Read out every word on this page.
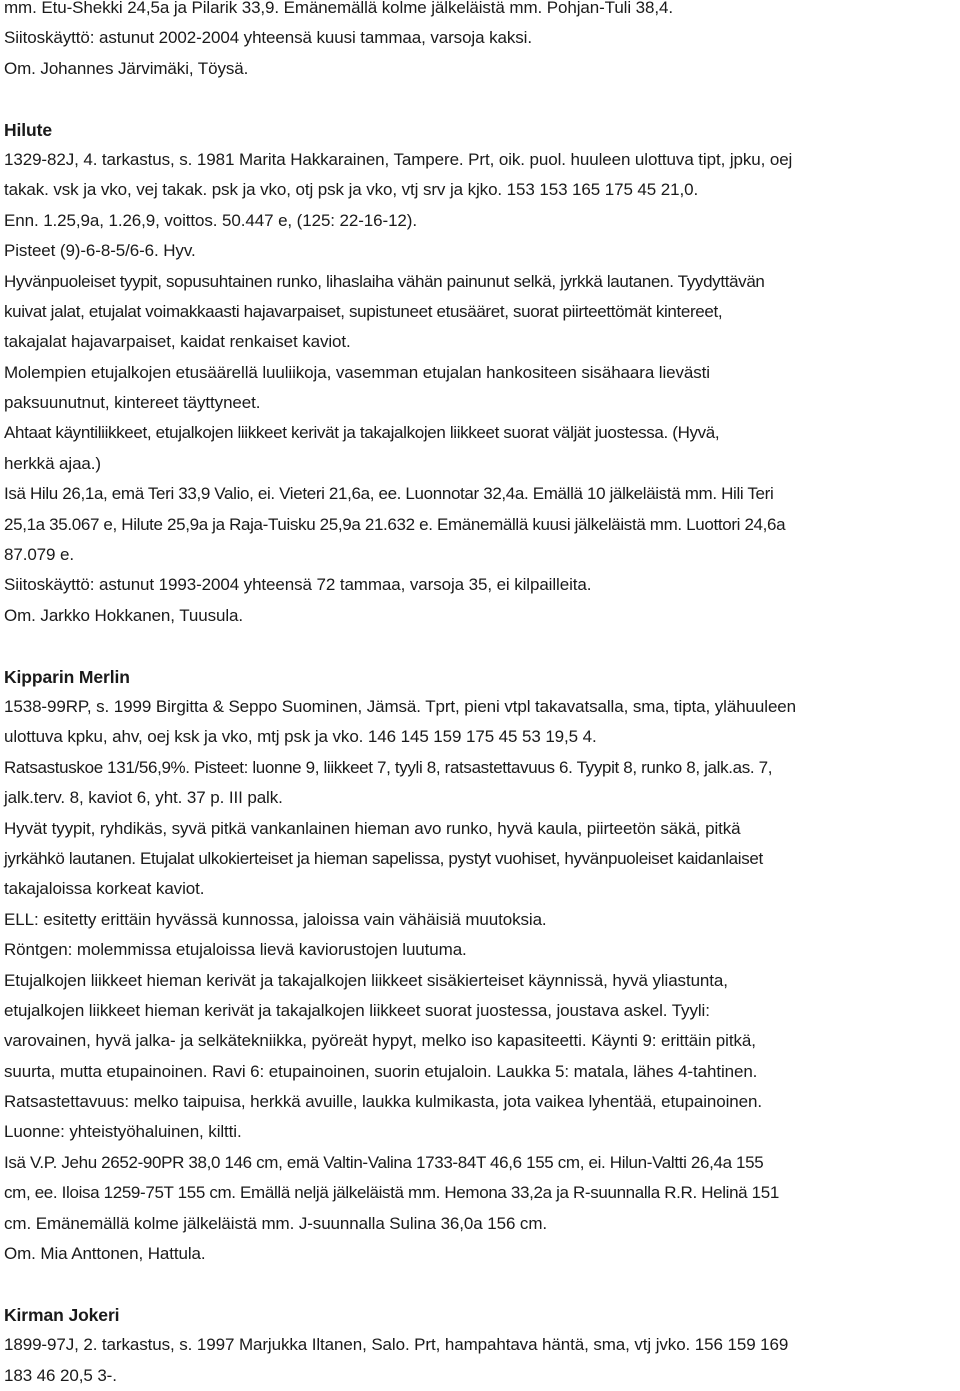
mm. Etu-Shekki 24,5a ja Pilarik 33,9. Emänemällä kolme jälkeläistä mm. Pohjan-Tuli 38,4.
Siitoskäyttö: astunut 2002-2004 yhteensä kuusi tammaa, varsoja kaksi.
Om. Johannes Järvimäki, Töysä.
Hilute
1329-82J, 4. tarkastus, s. 1981 Marita Hakkarainen, Tampere. Prt, oik. puol. huuleen ulottuva tipt, jpku, oej
takak. vsk ja vko, vej takak. psk ja vko, otj psk ja vko, vtj srv ja kjko. 153 153 165 175 45 21,0.
Enn. 1.25,9a, 1.26,9, voittos. 50.447 e, (125: 22-16-12).
Pisteet (9)-6-8-5/6-6. Hyv.
Hyvänpuoleiset tyypit, sopusuhtainen runko, lihaslaiha vähän painunut selkä, jyrkkä lautanen. Tyydyttävän
kuivat jalat, etujalat voimakkaasti hajavarpaiset, supistuneet etusääret, suorat piirteettömät kintereet,
takajalat hajavarpaiset, kaidat renkaiset kaviot.
Molempien etujalkojen etusäärellä luuliikoja, vasemman etujalan hankositeen sisähaara lievästi
paksuunutnut, kintereet täyttyneet.
Ahtaat käyntiliikkeet, etujalkojen liikkeet kerivät ja takajalkojen liikkeet suorat väljät juostessa. (Hyvä,
herkkä ajaa.)
Isä Hilu 26,1a, emä Teri 33,9 Valio, ei. Vieteri 21,6a, ee. Luonnotar 32,4a. Emällä 10 jälkeläistä mm. Hili Teri
25,1a 35.067 e, Hilute 25,9a ja Raja-Tuisku 25,9a 21.632 e. Emänemällä kuusi jälkeläistä mm. Luottori 24,6a
87.079 e.
Siitoskäyttö: astunut 1993-2004 yhteensä 72 tammaa, varsoja 35, ei kilpailleita.
Om. Jarkko Hokkanen, Tuusula.
Kipparin Merlin
1538-99RP, s. 1999 Birgitta & Seppo Suominen, Jämsä. Tprt, pieni vtpl takavatsalla, sma, tipta, ylähuuleen
ulottuva kpku, ahv, oej ksk ja vko, mtj psk ja vko. 146 145 159 175 45 53 19,5 4.
Ratsastuskoe 131/56,9%. Pisteet: luonne 9, liikkeet 7, tyyli 8, ratsastettavuus 6. Tyypit 8, runko 8, jalk.as. 7,
jalk.terv. 8, kaviot 6, yht. 37 p. III palk.
Hyvät tyypit, ryhdikäs, syvä pitkä vankanlainen hieman avo runko, hyvä kaula, piirteetön säkä, pitkä
jyrkähkö lautanen. Etujalat ulkokierteiset ja hieman sapelissa, pystyt vuohiset, hyvänpuoleiset kaidanlaiset
takajaloissa korkeat kaviot.
ELL: esitetty erittäin hyvässä kunnossa, jaloissa vain vähäisiä muutoksia.
Röntgen: molemmissa etujaloissa lievä kaviorustojen luutuma.
Etujalkojen liikkeet hieman kerivät ja takajalkojen liikkeet sisäkierteiset käynnissä, hyvä yliastunta,
etujalkojen liikkeet hieman kerivät ja takajalkojen liikkeet suorat juostessa, joustava askel. Tyyli:
varovainen, hyvä jalka- ja selkätekniikka, pyöreät hypyt, melko iso kapasiteetti. Käynti 9: erittäin pitkä,
suurta, mutta etupainoinen. Ravi 6: etupainoinen, suorin etujaloin. Laukka 5: matala, lähes 4-tahtinen.
Ratsastettavuus: melko taipuisa, herkkä avuille, laukka kulmikasta, jota vaikea lyhentää, etupainoinen.
Luonne: yhteistyöhaluinen, kiltti.
Isä V.P. Jehu 2652-90PR 38,0 146 cm, emä Valtin-Valina 1733-84T 46,6 155 cm, ei. Hilun-Valtti 26,4a 155
cm, ee. Iloisa 1259-75T 155 cm. Emällä neljä jälkeläistä mm. Hemona 33,2a ja R-suunnalla R.R. Helinä 151
cm. Emänemällä kolme jälkeläistä mm. J-suunnalla Sulina 36,0a 156 cm.
Om. Mia Anttonen, Hattula.
Kirman Jokeri
1899-97J, 2. tarkastus, s. 1997 Marjukka Iltanen, Salo. Prt, hampahtava häntä, sma, vtj jvko. 156 159 169
183 46 20,5 3-.
